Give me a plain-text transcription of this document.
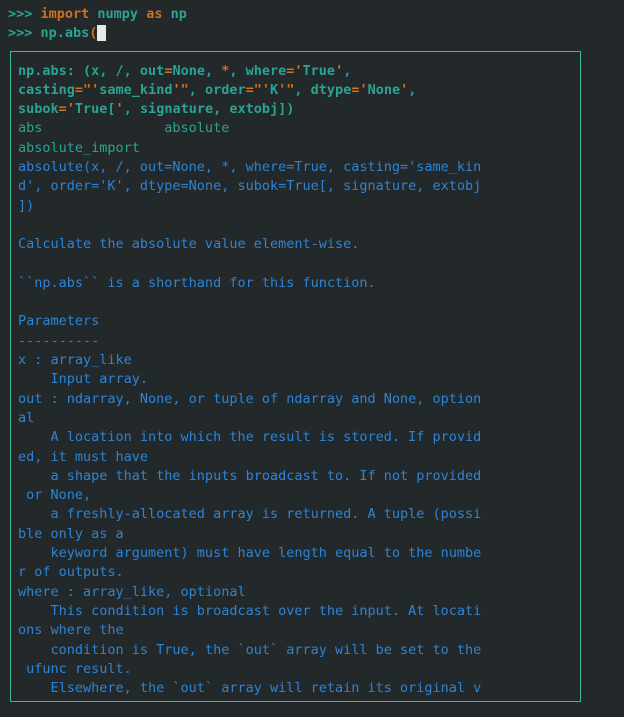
>>> import numpy as np
>>> np.abs(
np.abs: (x, /, out=None, *, where='True',
casting="'same_kind'", order="'K'", dtype='None',
subok='True[', signature, extobj])
abs               absolute
absolute_import
absolute(x, /, out=None, *, where=True, casting='same_kin
d', order='K', dtype=None, subok=True[, signature, extobj
])
Calculate the absolute value element-wise.
``np.abs`` is a shorthand for this function.
Parameters
----------
x : array_like
Input array.
out : ndarray, None, or tuple of ndarray and None, option
al
A location into which the result is stored. If provid
ed, it must have
a shape that the inputs broadcast to. If not provided
or None,
a freshly-allocated array is returned. A tuple (possi
ble only as a
keyword argument) must have length equal to the numbe
r of outputs.
where : array_like, optional
This condition is broadcast over the input. At locati
ons where the
condition is True, the `out` array will be set to the
ufunc result.
Elsewhere, the `out` array will retain its original v
